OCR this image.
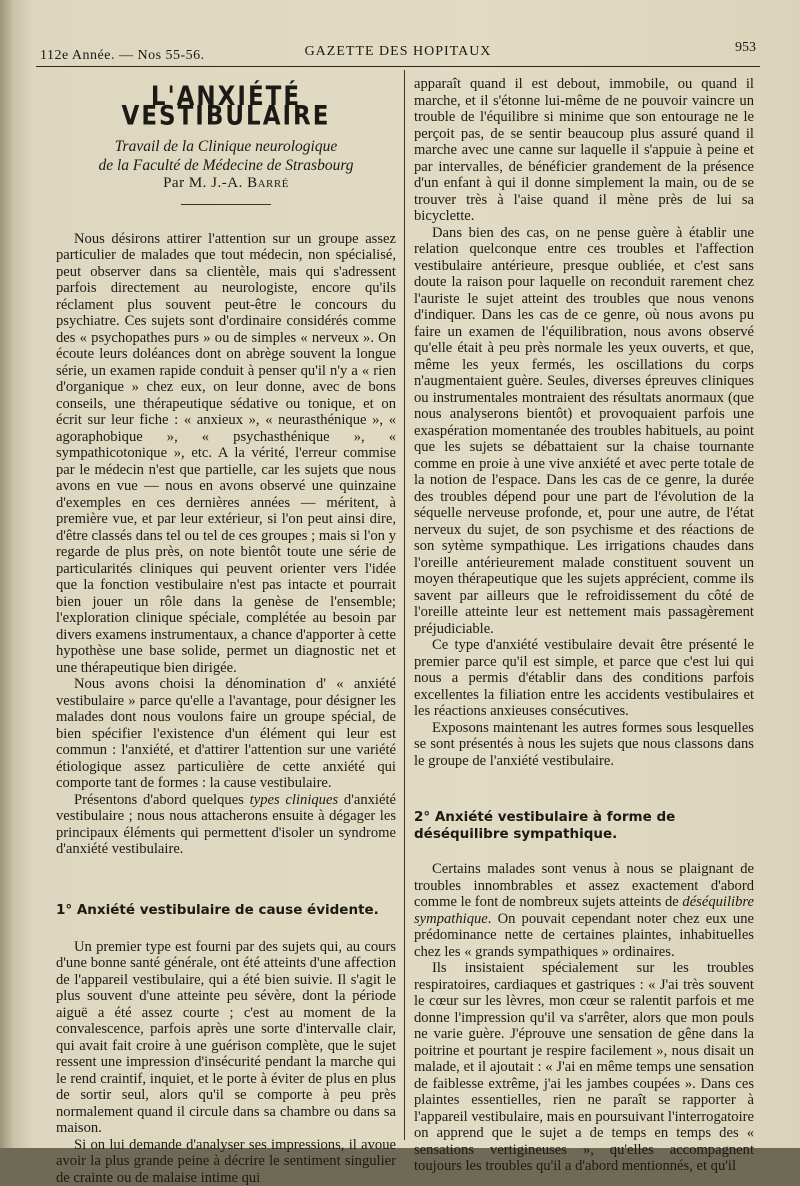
112e Année. — Nos 55-56.	GAZETTE DES HOPITAUX	953
L'ANXIÉTÉ VESTIBULAIRE

Travail de la Clinique neurologique

de la Faculté de Médecine de Strasbourg

Par M. J.-A. Barré

Nous désirons attirer l'attention sur un groupe assez particulier de malades que tout médecin, non spécialisé, peut observer dans sa clientèle, mais qui s'adressent parfois directement au neurologiste, encore qu'ils réclament plus souvent peut-être le concours du psychiatre. Ces sujets sont d'ordinaire considérés comme des « psychopathes purs » ou de simples « nerveux ». On écoute leurs doléances dont on abrège souvent la longue série, un examen rapide conduit à penser qu'il n'y a « rien d'organique » chez eux, on leur donne, avec de bons conseils, une thérapeutique sédative ou tonique, et on écrit sur leur fiche : « anxieux », « neurasthénique », « agoraphobique », « psychasthénique », « sympathicotonique », etc. A la vérité, l'erreur commise par le médecin n'est que partielle, car les sujets que nous avons en vue — nous en avons observé une quinzaine d'exemples en ces dernières années — méritent, à première vue, et par leur extérieur, si l'on peut ainsi dire, d'être classés dans tel ou tel de ces groupes ; mais si l'on y regarde de plus près, on note bientôt toute une série de particularités cliniques qui peuvent orienter vers l'idée que la fonction vestibulaire n'est pas intacte et pourrait bien jouer un rôle dans la genèse de l'ensemble; l'exploration clinique spéciale, complétée au besoin par divers examens instrumentaux, a chance d'apporter à cette hypothèse une base solide, permet un diagnostic net et une thérapeutique bien dirigée.

Nous avons choisi la dénomination d' « anxiété vestibulaire » parce qu'elle a l'avantage, pour désigner les malades dont nous voulons faire un groupe spécial, de bien spécifier l'existence d'un élément qui leur est commun : l'anxiété, et d'attirer l'attention sur une variété étiologique assez particulière de cette anxiété qui comporte tant de formes : la cause vestibulaire.

Présentons d'abord quelques types cliniques d'anxiété vestibulaire ; nous nous attacherons ensuite à dégager les principaux éléments qui permettent d'isoler un syndrome d'anxiété vestibulaire.

1° Anxiété vestibulaire de cause évidente.

Un premier type est fourni par des sujets qui, au cours d'une bonne santé générale, ont été atteints d'une affection de l'appareil vestibulaire, qui a été bien suivie. Il s'agit le plus souvent d'une atteinte peu sévère, dont la période aiguë a été assez courte ; c'est au moment de la convalescence, parfois après une sorte d'intervalle clair, qui avait fait croire à une guérison complète, que le sujet ressent une impression d'insécurité pendant la marche qui le rend craintif, inquiet, et le porte à éviter de plus en plus de sortir seul, alors qu'il se comporte à peu près normalement quand il circule dans sa chambre ou dans sa maison.

Si on lui demande d'analyser ses impressions, il avoue avoir la plus grande peine à décrire le sentiment singulier de crainte ou de malaise intime qui

apparaît quand il est debout, immobile, ou quand il marche, et il s'étonne lui-même de ne pouvoir vaincre un trouble de l'équilibre si minime que son entourage ne le perçoit pas, de se sentir beaucoup plus assuré quand il marche avec une canne sur laquelle il s'appuie à peine et par intervalles, de bénéficier grandement de la présence d'un enfant à qui il donne simplement la main, ou de se trouver très à l'aise quand il mène près de lui sa bicyclette.

Dans bien des cas, on ne pense guère à établir une relation quelconque entre ces troubles et l'affection vestibulaire antérieure, presque oubliée, et c'est sans doute la raison pour laquelle on reconduit rarement chez l'auriste le sujet atteint des troubles que nous venons d'indiquer. Dans les cas de ce genre, où nous avons pu faire un examen de l'équilibration, nous avons observé qu'elle était à peu près normale les yeux ouverts, et que, même les yeux fermés, les oscillations du corps n'augmentaient guère. Seules, diverses épreuves cliniques ou instrumentales montraient des résultats anormaux (que nous analyserons bientôt) et provoquaient parfois une exaspération momentanée des troubles habituels, au point que les sujets se débattaient sur la chaise tournante comme en proie à une vive anxiété et avec perte totale de la notion de l'espace. Dans les cas de ce genre, la durée des troubles dépend pour une part de l'évolution de la séquelle nerveuse profonde, et, pour une autre, de l'état nerveux du sujet, de son psychisme et des réactions de son sytème sympathique. Les irrigations chaudes dans l'oreille antérieurement malade constituent souvent un moyen thérapeutique que les sujets apprécient, comme ils savent par ailleurs que le refroidissement du côté de l'oreille atteinte leur est nettement mais passagèrement préjudiciable.

Ce type d'anxiété vestibulaire devait être présenté le premier parce qu'il est simple, et parce que c'est lui qui nous a permis d'établir dans des conditions parfois excellentes la filiation entre les accidents vestibulaires et les réactions anxieuses consécutives.

Exposons maintenant les autres formes sous lesquelles se sont présentés à nous les sujets que nous classons dans le groupe de l'anxiété vestibulaire.

2° Anxiété vestibulaire à forme de déséquilibre sympathique.

Certains malades sont venus à nous se plaignant de troubles innombrables et assez exactement d'abord comme le font de nombreux sujets atteints de déséquilibre sympathique. On pouvait cependant noter chez eux une prédominance nette de certaines plaintes, inhabituelles chez les « grands sympathiques » ordinaires.

Ils insistaient spécialement sur les troubles respiratoires, cardiaques et gastriques : « J'ai très souvent le cœur sur les lèvres, mon cœur se ralentit parfois et me donne l'impression qu'il va s'arrêter, alors que mon pouls ne varie guère. J'éprouve une sensation de gêne dans la poitrine et pourtant je respire facilement », nous disait un malade, et il ajoutait : « J'ai en même temps une sensation de faiblesse extrême, j'ai les jambes coupées ». Dans ces plaintes essentielles, rien ne paraît se rapporter à l'appareil vestibulaire, mais en poursuivant l'interrogatoire on apprend que le sujet a de temps en temps des « sensations vertigineuses », qu'elles accompagnent toujours les troubles qu'il a d'abord mentionnés, et qu'il
